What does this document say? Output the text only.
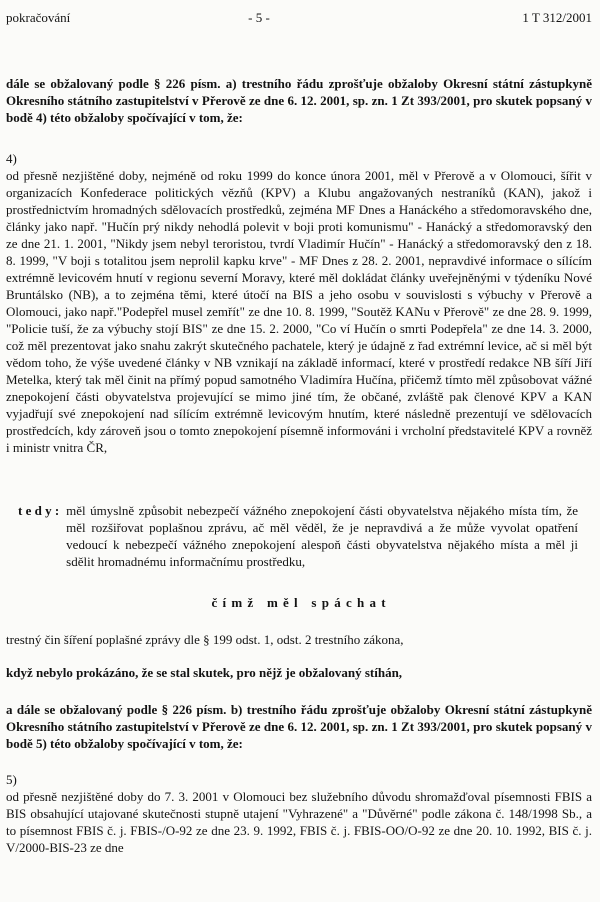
pokračování	- 5 -	1 T 312/2001

dále se obžalovaný podle § 226 písm. a) trestního řádu zprošťuje obžaloby Okresní státní zástupkyně Okresního státního zastupitelství v Přerově ze dne 6. 12. 2001, sp. zn. 1 Zt 393/2001, pro skutek popsaný v bodě 4) této obžaloby spočívající v tom, že:

4)

od přesně nezjištěné doby, nejméně od roku 1999 do konce února 2001, měl v Přerově a v Olomouci, šířit v organizacích Konfederace politických vězňů (KPV) a Klubu angažovaných nestraníků (KAN), jakož i prostřednictvím hromadných sdělovacích prostředků, zejména MF Dnes a Hanáckého a středomoravského dne, články jako např. "Hučín prý nikdy nehodlá polevit v boji proti komunismu" - Hanácký a středomoravský den ze dne 21. 1. 2001, "Nikdy jsem nebyl teroristou, tvrdí Vladimír Hučín" - Hanácký a středomoravský den z 18. 8. 1999, "V boji s totalitou jsem neprolil kapku krve" - MF Dnes z 28. 2. 2001, nepravdivé informace o sílícím extrémně levicovém hnutí v regionu severní Moravy, které měl dokládat články uveřejněnými v týdeníku Nové Bruntálsko (NB), a to zejména těmi, které útočí na BIS a jeho osobu v souvislosti s výbuchy v Přerově a Olomouci, jako např."Podepřel musel zemřít" ze dne 10. 8. 1999, "Soutěž KANu v Přerově" ze dne 28. 9. 1999, "Policie tuší, že za výbuchy stojí BIS" ze dne 15. 2. 2000, "Co ví Hučín o smrti Podepřela" ze dne 14. 3. 2000, což měl prezentovat jako snahu zakrýt skutečného pachatele, který je údajně z řad extrémní levice, ač si měl být vědom toho, že výše uvedené články v NB vznikají na základě informací, které v prostředí redakce NB šíří Jiří Metelka, který tak měl činit na přímý popud samotného Vladimíra Hučína, přičemž tímto měl způsobovat vážné znepokojení části obyvatelstva projevující se mimo jiné tím, že občané, zvláště pak členové KPV a KAN vyjadřují své znepokojení nad sílícím extrémně levicovým hnutím, které následně prezentují ve sdělovacích prostředcích, kdy zároveň jsou o tomto znepokojení písemně informováni i vrcholní představitelé KPV a rovněž i ministr vnitra ČR,

t e d y : měl úmyslně způsobit nebezpečí vážného znepokojení části obyvatelstva nějakého místa tím, že měl rozšiřovat poplašnou zprávu, ač měl věděl, že je nepravdivá a že může vyvolat opatření vedoucí k nebezpečí vážného znepokojení alespoň části obyvatelstva nějakého místa a měl ji sdělit hromadnému informačnímu prostředku,

č í m ž   m ě l   s p á c h a t

trestný čin šíření poplašné zprávy dle § 199 odst. 1, odst. 2 trestního zákona,

když nebylo prokázáno, že se stal skutek, pro nějž je obžalovaný stíhán,

a dále se obžalovaný podle § 226 písm. b) trestního řádu zprošťuje obžaloby Okresní státní zástupkyně Okresního státního zastupitelství v Přerově ze dne 6. 12. 2001, sp. zn. 1 Zt 393/2001, pro skutek popsaný v bodě 5) této obžaloby spočívající v tom, že:

5)

od přesně nezjištěné doby do 7. 3. 2001 v Olomouci bez služebního důvodu shromažďoval písemnosti FBIS a BIS obsahující utajované skutečnosti stupně utajení "Vyhrazené" a "Důvěrné" podle zákona č. 148/1998 Sb., a to písemnost FBIS č. j. FBIS-/O-92 ze dne 23. 9. 1992, FBIS č. j. FBIS-OO/O-92 ze dne 20. 10. 1992, BIS č. j. V/2000-BIS-23 ze dne
